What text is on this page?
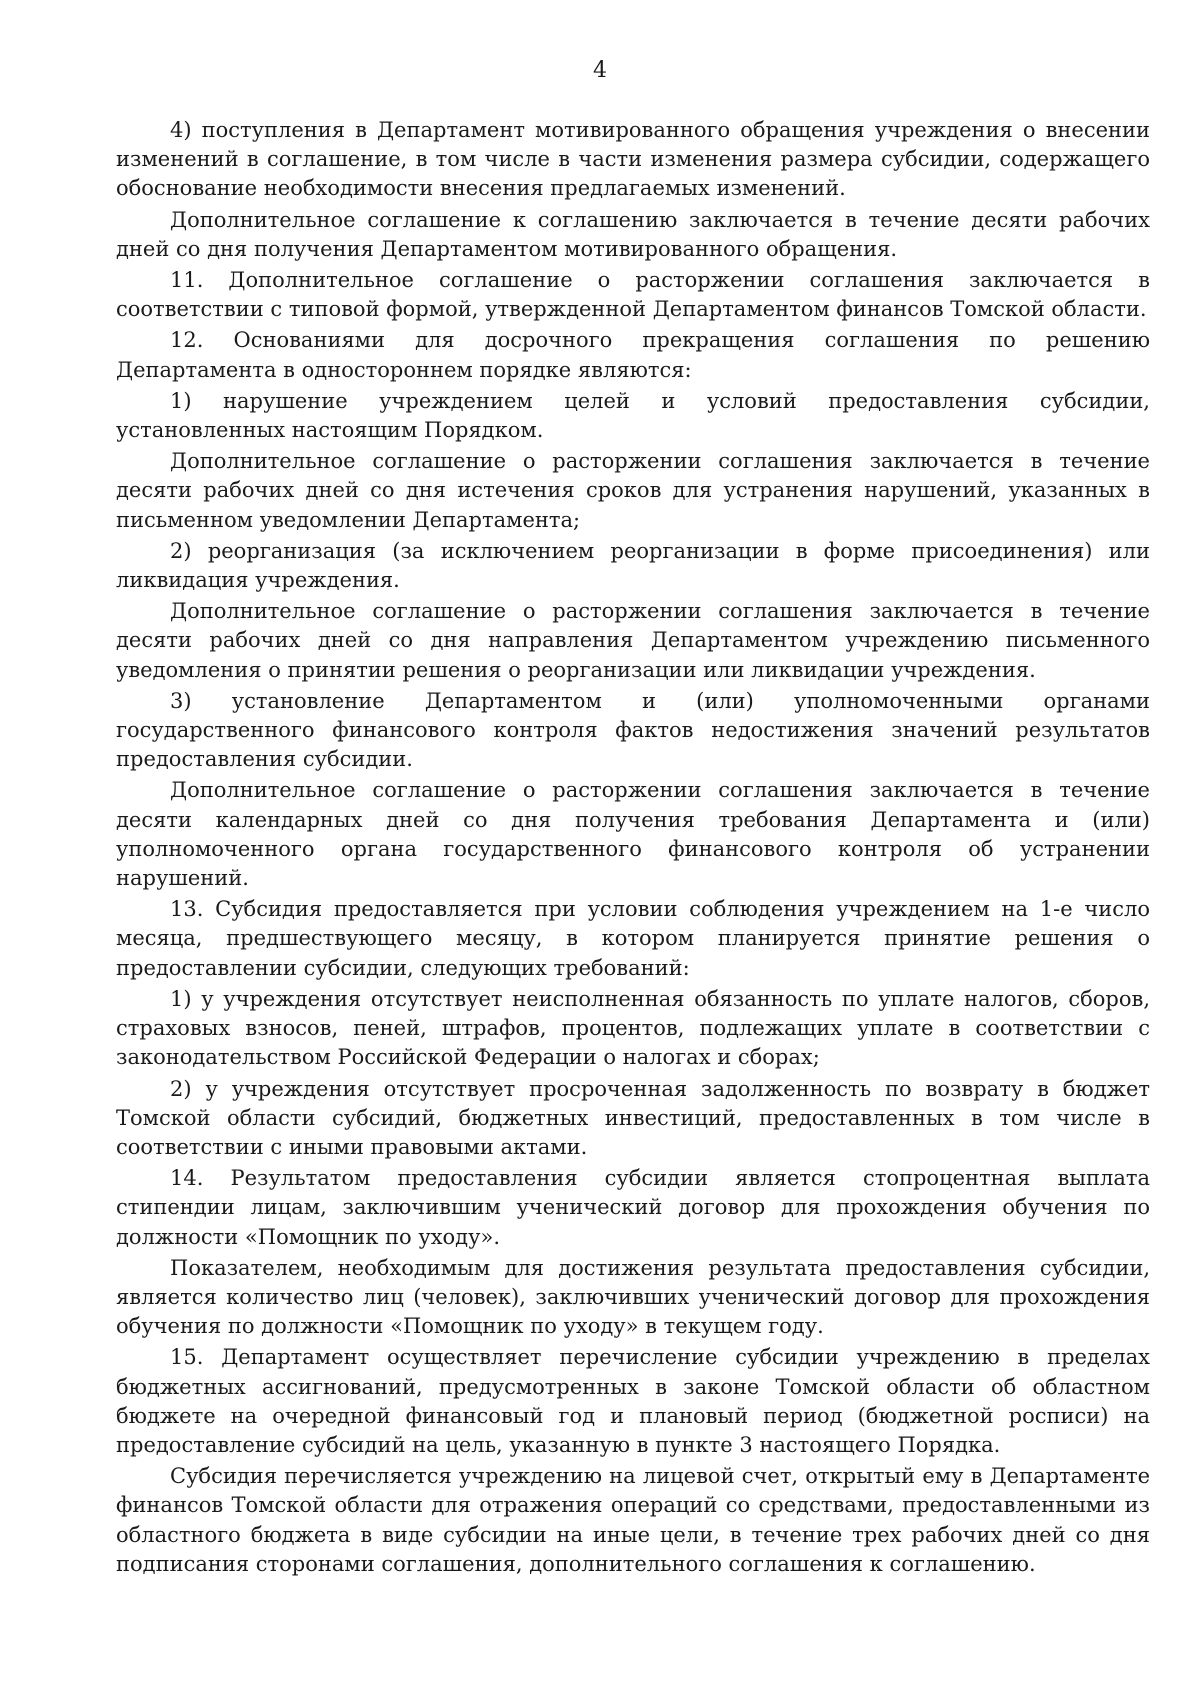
4

4) поступления в Департамент мотивированного обращения учреждения о внесении изменений в соглашение, в том числе в части изменения размера субсидии, содержащего обоснование необходимости внесения предлагаемых изменений.

Дополнительное соглашение к соглашению заключается в течение десяти рабочих дней со дня получения Департаментом мотивированного обращения.

11. Дополнительное соглашение о расторжении соглашения заключается в соответствии с типовой формой, утвержденной Департаментом финансов Томской области.

12. Основаниями для досрочного прекращения соглашения по решению Департамента в одностороннем порядке являются:

1) нарушение учреждением целей и условий предоставления субсидии, установленных настоящим Порядком.

Дополнительное соглашение о расторжении соглашения заключается в течение десяти рабочих дней со дня истечения сроков для устранения нарушений, указанных в письменном уведомлении Департамента;

2) реорганизация (за исключением реорганизации в форме присоединения) или ликвидация учреждения.

Дополнительное соглашение о расторжении соглашения заключается в течение десяти рабочих дней со дня направления Департаментом учреждению письменного уведомления о принятии решения о реорганизации или ликвидации учреждения.

3) установление Департаментом и (или) уполномоченными органами государственного финансового контроля фактов недостижения значений результатов предоставления субсидии.

Дополнительное соглашение о расторжении соглашения заключается в течение десяти календарных дней со дня получения требования Департамента и (или) уполномоченного органа государственного финансового контроля об устранении нарушений.

13. Субсидия предоставляется при условии соблюдения учреждением на 1-е число месяца, предшествующего месяцу, в котором планируется принятие решения о предоставлении субсидии, следующих требований:

1) у учреждения отсутствует неисполненная обязанность по уплате налогов, сборов, страховых взносов, пеней, штрафов, процентов, подлежащих уплате в соответствии с законодательством Российской Федерации о налогах и сборах;

2) у учреждения отсутствует просроченная задолженность по возврату в бюджет Томской области субсидий, бюджетных инвестиций, предоставленных в том числе в соответствии с иными правовыми актами.

14. Результатом предоставления субсидии является стопроцентная выплата стипендии лицам, заключившим ученический договор для прохождения обучения по должности «Помощник по уходу».

Показателем, необходимым для достижения результата предоставления субсидии, является количество лиц (человек), заключивших ученический договор для прохождения обучения по должности «Помощник по уходу» в текущем году.

15. Департамент осуществляет перечисление субсидии учреждению в пределах бюджетных ассигнований, предусмотренных в законе Томской области об областном бюджете на очередной финансовый год и плановый период (бюджетной росписи) на предоставление субсидий на цель, указанную в пункте 3 настоящего Порядка.

Субсидия перечисляется учреждению на лицевой счет, открытый ему в Департаменте финансов Томской области для отражения операций со средствами, предоставленными из областного бюджета в виде субсидии на иные цели, в течение трех рабочих дней со дня подписания сторонами соглашения, дополнительного соглашения к соглашению.
